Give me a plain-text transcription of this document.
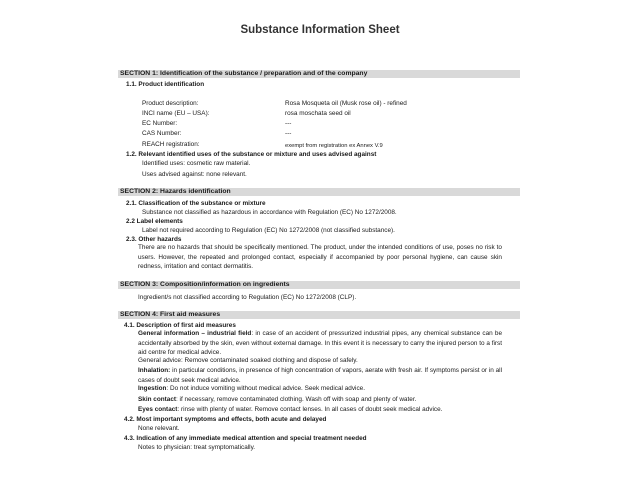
Substance Information Sheet
SECTION 1: Identification of the substance / preparation and of the company
1.1. Product identification
Product description:	Rosa Mosqueta oil (Musk rose oil) - refined
INCI name (EU – USA):	rosa moschata seed oil
EC Number:	---
CAS Number:	---
REACH registration:	exempt from registration ex Annex V.9
1.2. Relevant identified uses of the substance or mixture and uses advised against
Identified uses: cosmetic raw material.
Uses advised against: none relevant.
SECTION 2: Hazards identification
2.1. Classification of the substance or mixture
Substance not classified as hazardous in accordance with Regulation (EC) No 1272/2008.
2.2 Label elements
Label not required according to Regulation (EC) No 1272/2008 (not classified substance).
2.3. Other hazards
There are no hazards that should be specifically mentioned. The product, under the intended conditions of use, poses no risk to users. However, the repeated and prolonged contact, especially if accompanied by poor personal hygiene, can cause skin redness, irritation and contact dermatitis.
SECTION 3: Composition/information on ingredients
Ingredient/s not classified according to Regulation (EC) No 1272/2008 (CLP).
SECTION 4: First aid measures
4.1. Description of first aid measures
General information – industrial field: in case of an accident of pressurized industrial pipes, any chemical substance can be accidentally absorbed by the skin, even without external damage. In this event it is necessary to carry the injured person to a first aid centre for medical advice.
General advice: Remove contaminated soaked clothing and dispose of safely.
Inhalation: in particular conditions, in presence of high concentration of vapors, aerate with fresh air. If symptoms persist or in all cases of doubt seek medical advice.
Ingestion: Do not induce vomiting without medical advice. Seek medical advice.
Skin contact: if necessary, remove contaminated clothing. Wash off with soap and plenty of water.
Eyes contact: rinse with plenty of water. Remove contact lenses. In all cases of doubt seek medical advice.
4.2. Most important symptoms and effects, both acute and delayed
None relevant.
4.3. Indication of any immediate medical attention and special treatment needed
Notes to physician: treat symptomatically.
